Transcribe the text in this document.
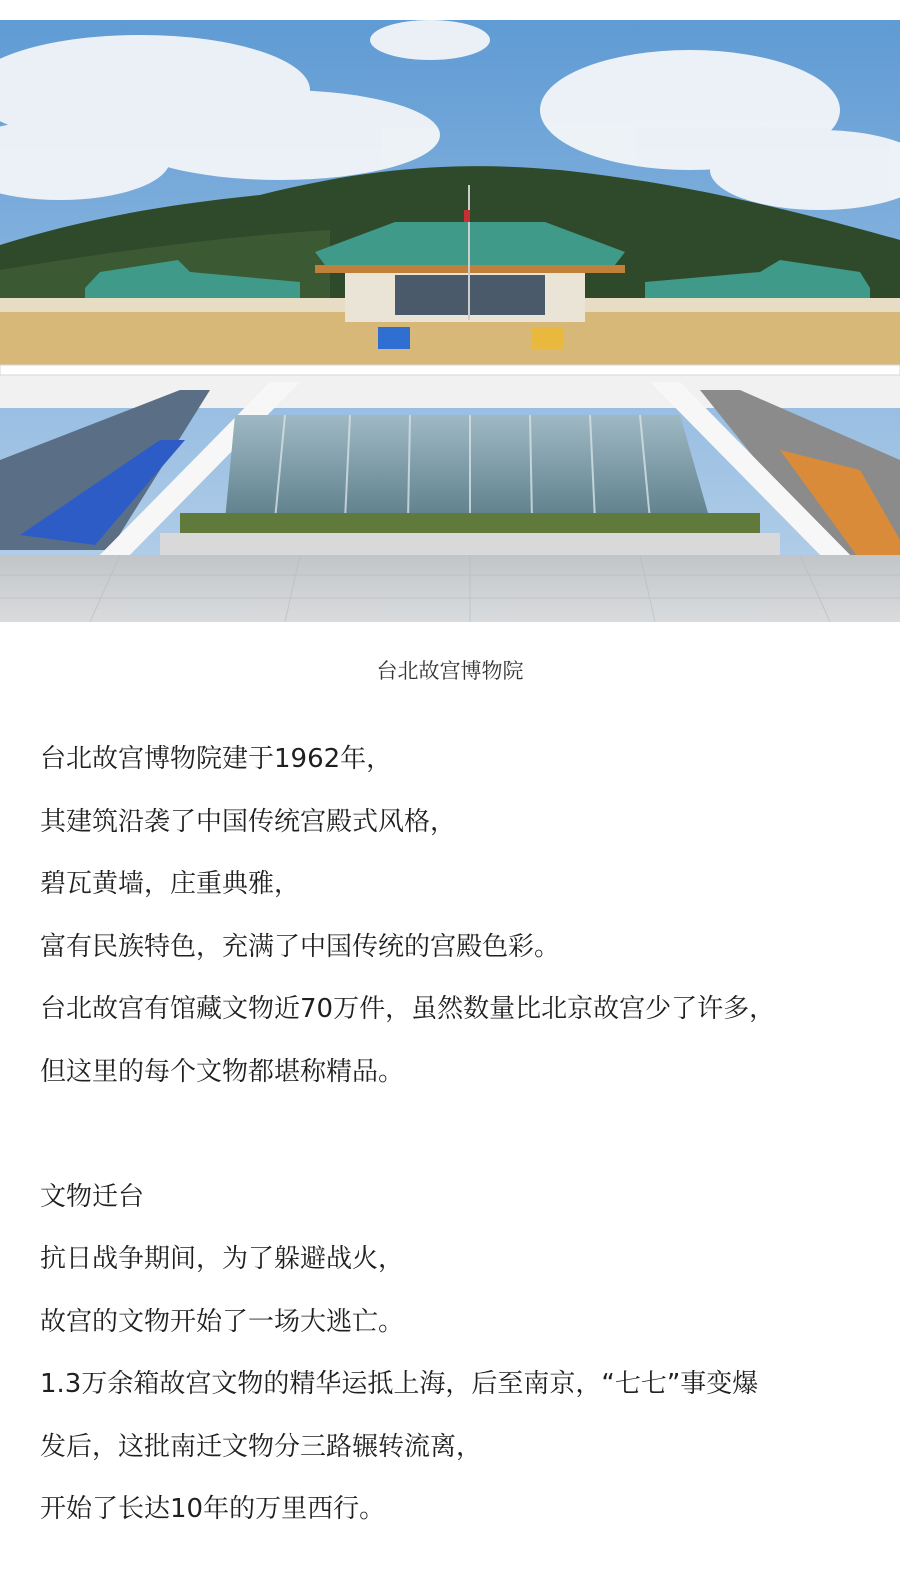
台北故宫博物院

台北故宫博物院建于1962年，

其建筑沿袭了中国传统宫殿式风格，

碧瓦黄墙，庄重典雅，

富有民族特色，充满了中国传统的宫殿色彩。

台北故宫有馆藏文物近70万件，虽然数量比北京故宫少了许多，

但这里的每个文物都堪称精品。

文物迁台

抗日战争期间，为了躲避战火，

故宫的文物开始了一场大逃亡。

1.3万余箱故宫文物的精华运抵上海，后至南京，“七七”事变爆

发后，这批南迁文物分三路辗转流离，

开始了长达10年的万里西行。
